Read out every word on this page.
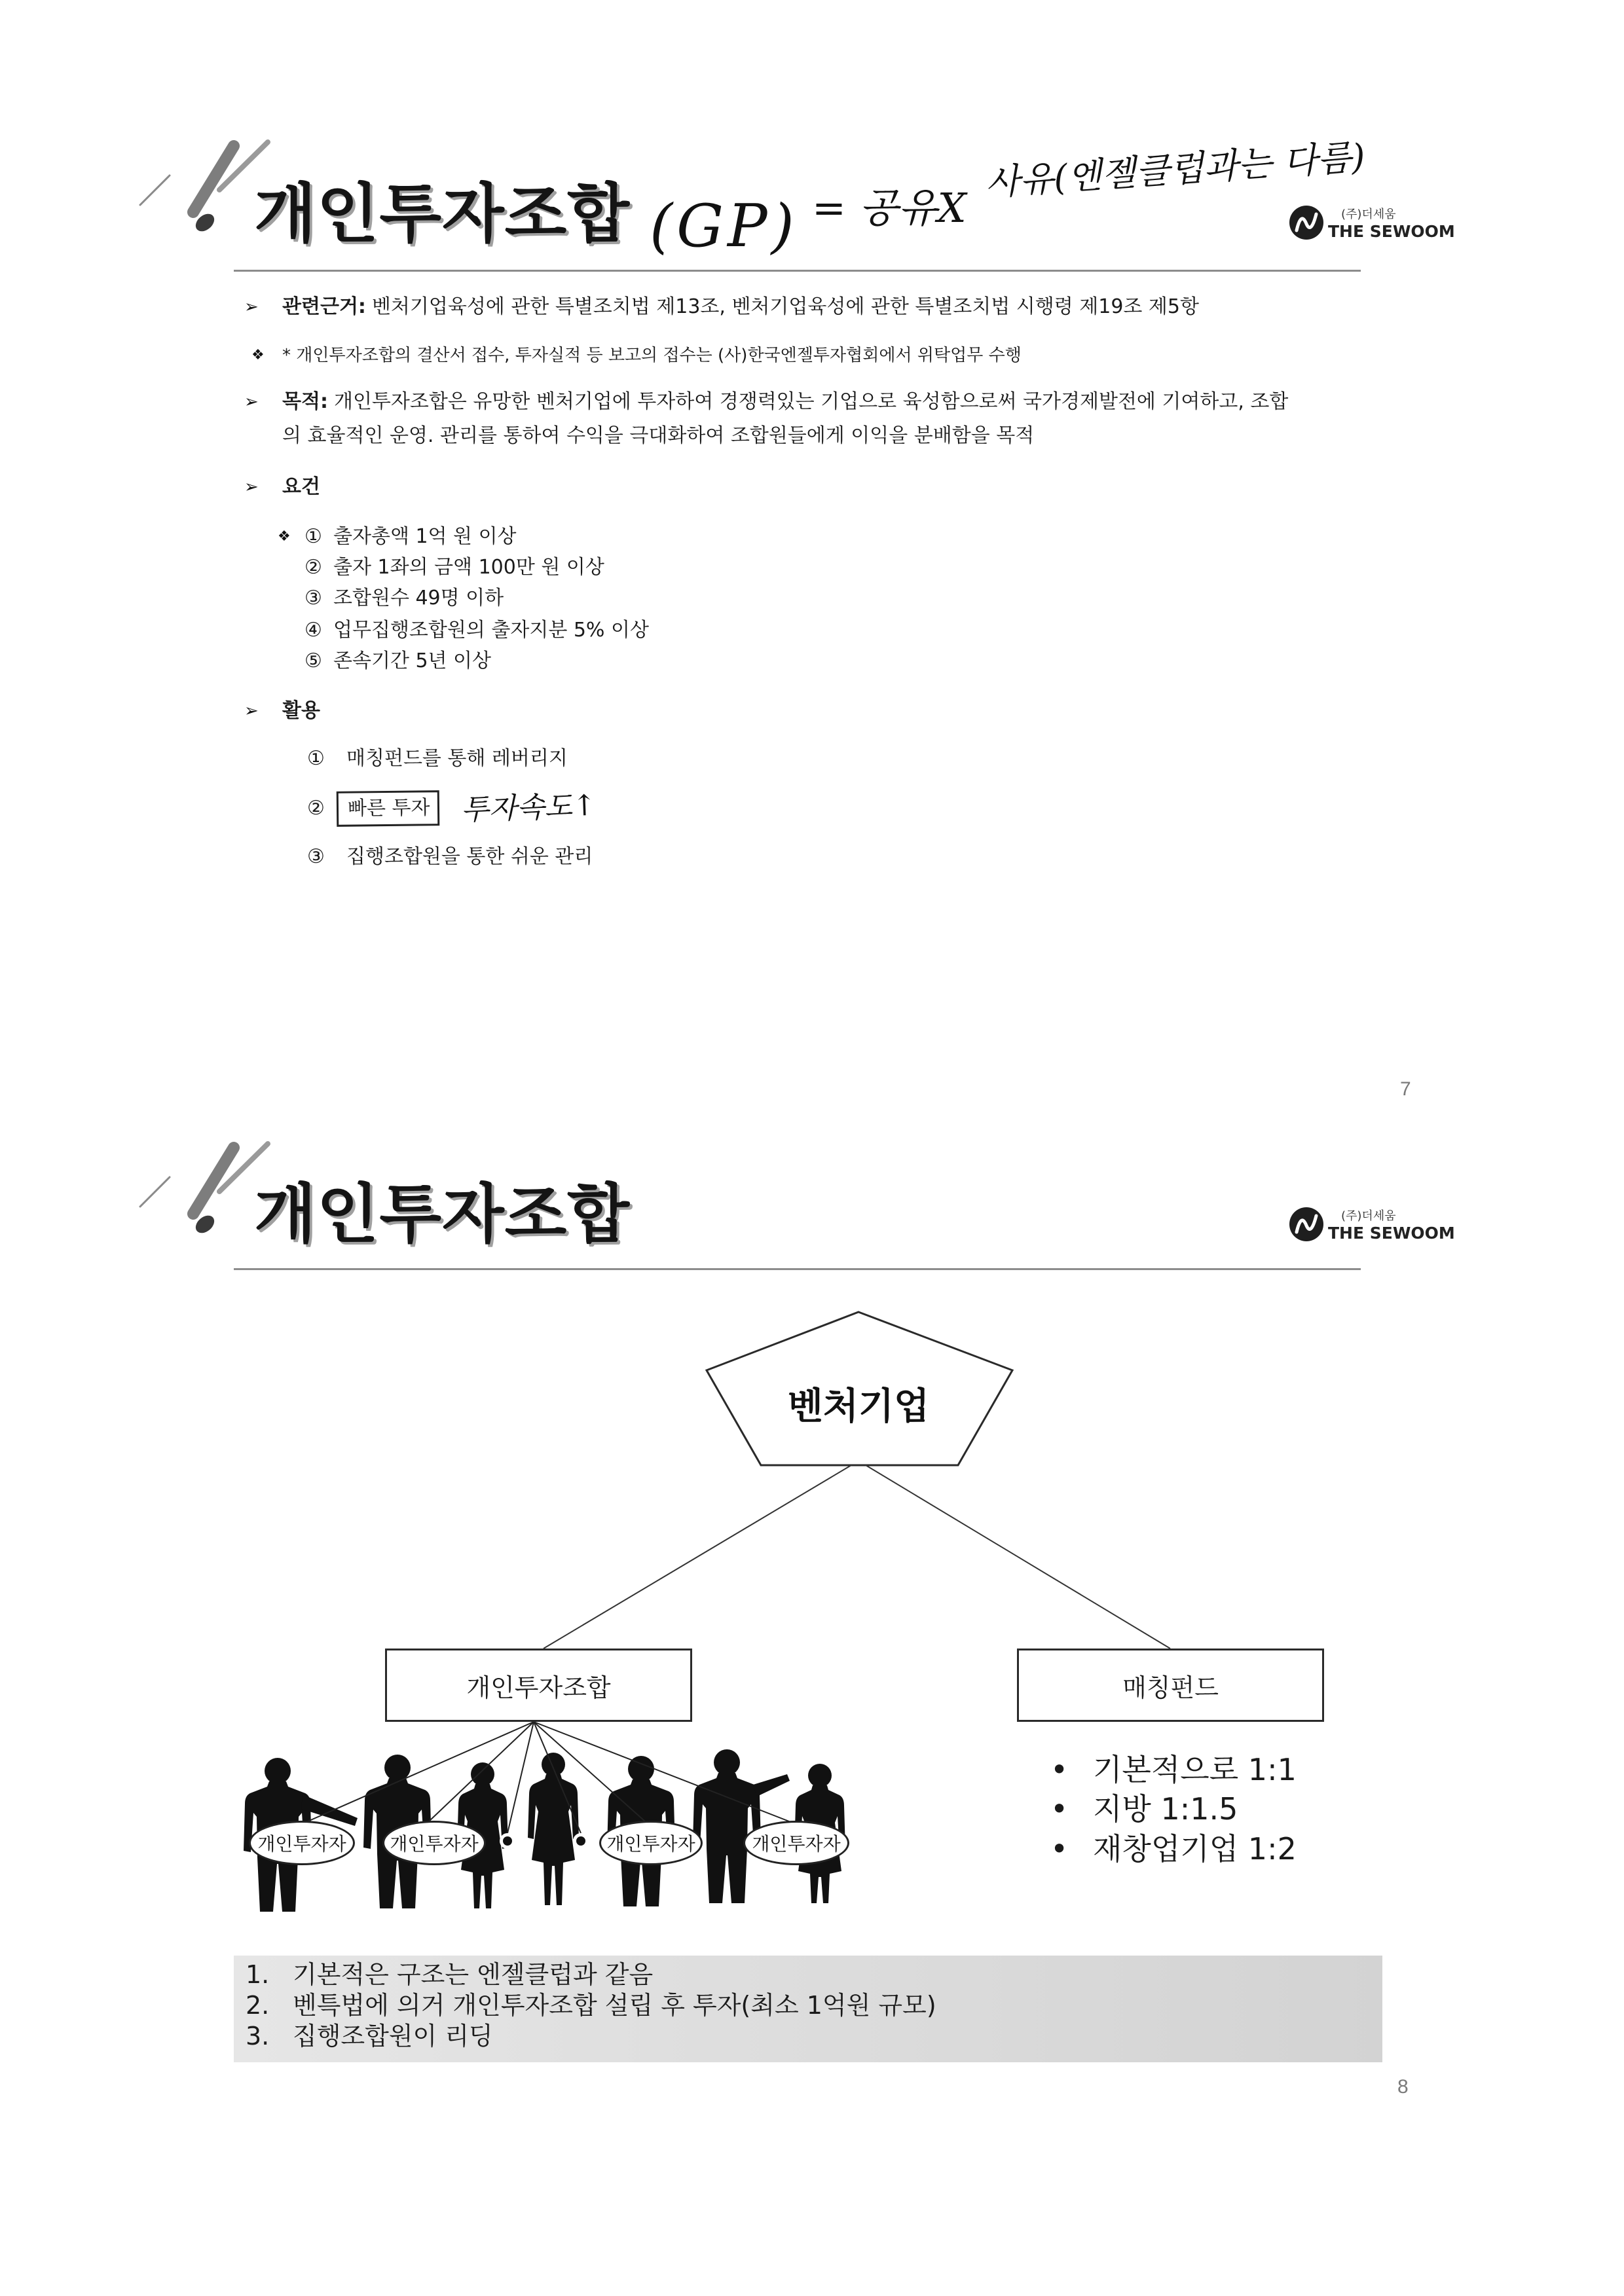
개인투자조합 (GP) = 공유X
사유(엔젤클럽과는 다름)
(주)더세움
THE SEWOOM
➢ 관련근거: 벤처기업육성에 관한 특별조치법 제13조, 벤처기업육성에 관한 특별조치법 시행령 제19조 제5항
❖ * 개인투자조합의 결산서 접수, 투자실적 등 보고의 접수는 (사)한국엔젤투자협회에서 위탁업무 수행
➢ 목적: 개인투자조합은 유망한 벤처기업에 투자하여 경쟁력있는 기업으로 육성함으로써 국가경제발전에 기여하고, 조합
의 효율적인 운영. 관리를 통하여 수익을 극대화하여 조합원들에게 이익을 분배함을 목적
➢ 요건
❖ ① 출자총액 1억 원 이상
② 출자 1좌의 금액 100만 원 이상
③ 조합원수 49명 이하
④ 업무집행조합원의 출자지분 5% 이상
⑤ 존속기간 5년 이상
➢ 활용
① 매칭펀드를 통해 레버리지
②	빠른 투자	투자속도↑
③ 집행조합원을 통한 쉬운 관리
7
개인투자조합	(주)더세움
THE SEWOOM
벤처기업
개인투자조합	매칭펀드
개인투자자	개인투자자	개인투자자	개인투자자
• 기본적으로 1:1
• 지방 1:1.5
• 재창업기업 1:2
1. 기본적은 구조는 엔젤클럽과 같음
2. 벤특법에 의거 개인투자조합 설립 후 투자(최소 1억원 규모)
3. 집행조합원이 리딩
8
